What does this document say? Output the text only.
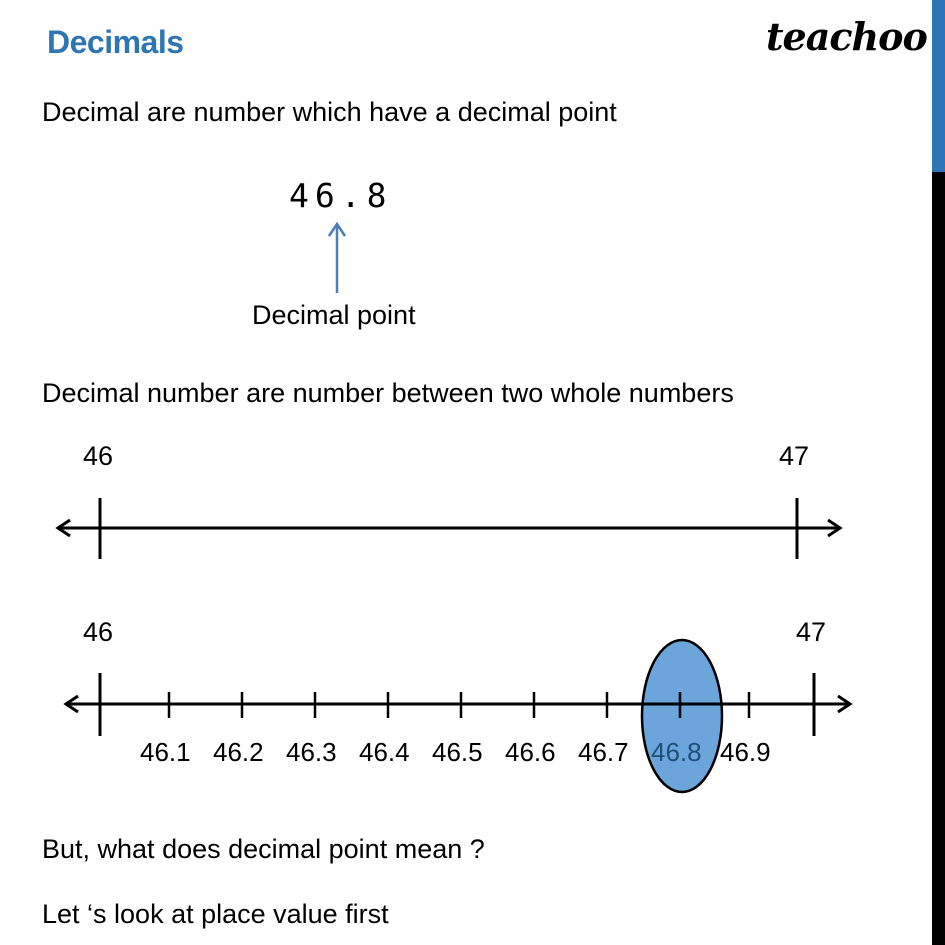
Decimals	teachoo
Decimal are number which have a decimal point
46.8
Decimal point
Decimal number are number between two whole numbers
46	47
46	47
46.1 46.2 46.3 46.4 46.5 46.6 46.7 46.8 46.9
But, what does decimal point mean ?
Let ‘s look at place value first
